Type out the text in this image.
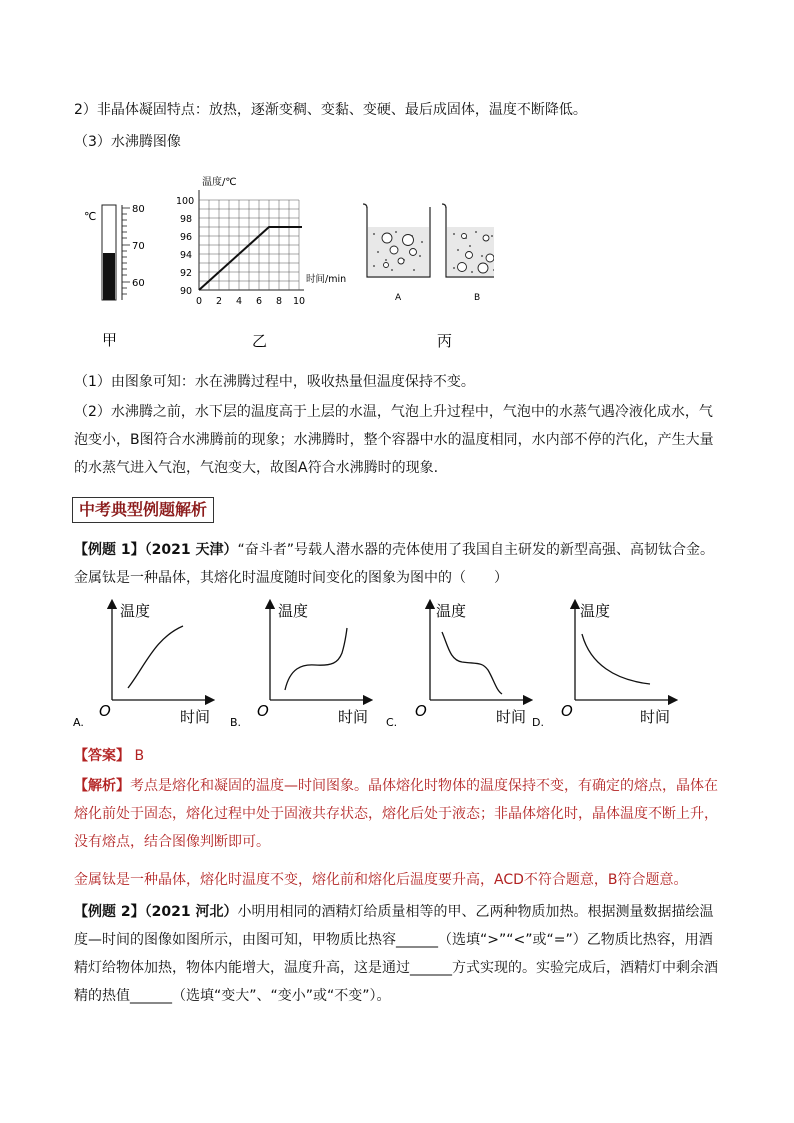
2）非晶体凝固特点：放热，逐渐变稠、变黏、变硬、最后成固体，温度不断降低。

（3）水沸腾图像

℃
80
70
60
温度/℃
100
98
96
94
92
90
0 2 4 6 8 10
时间/min
A	B
甲	乙	丙

（1）由图象可知：水在沸腾过程中，吸收热量但温度保持不变。

（2）水沸腾之前，水下层的温度高于上层的水温，气泡上升过程中，气泡中的水蒸气遇冷液化成水，气泡变小，B图符合水沸腾前的现象；水沸腾时，整个容器中水的温度相同，水内部不停的汽化，产生大量的水蒸气进入气泡，气泡变大，故图A符合水沸腾时的现象.

中考典型例题解析

【例题 1】（2021 天津）“奋斗者”号载人潜水器的壳体使用了我国自主研发的新型高强、高韧钛合金。金属钛是一种晶体，其熔化时温度随时间变化的图象为图中的（　　）

温度
O	时间
A.
温度
O	时间
B.
温度
O	时间
C.
温度
O	时间
D.

【答案】 B

【解析】考点是熔化和凝固的温度—时间图象。晶体熔化时物体的温度保持不变，有确定的熔点，晶体在熔化前处于固态，熔化过程中处于固液共存状态，熔化后处于液态；非晶体熔化时，晶体温度不断上升，没有熔点，结合图像判断即可。

金属钛是一种晶体，熔化时温度不变，熔化前和熔化后温度要升高，ACD不符合题意，B符合题意。

【例题 2】（2021 河北）小明用相同的酒精灯给质量相等的甲、乙两种物质加热。根据测量数据描绘温度—时间的图像如图所示，由图可知，甲物质比热容______（选填“>”“<”或“=”）乙物质比热容，用酒精灯给物体加热，物体内能增大，温度升高，这是通过______方式实现的。实验完成后，酒精灯中剩余酒精的热值______（选填“变大”、“变小”或“不变”）。
